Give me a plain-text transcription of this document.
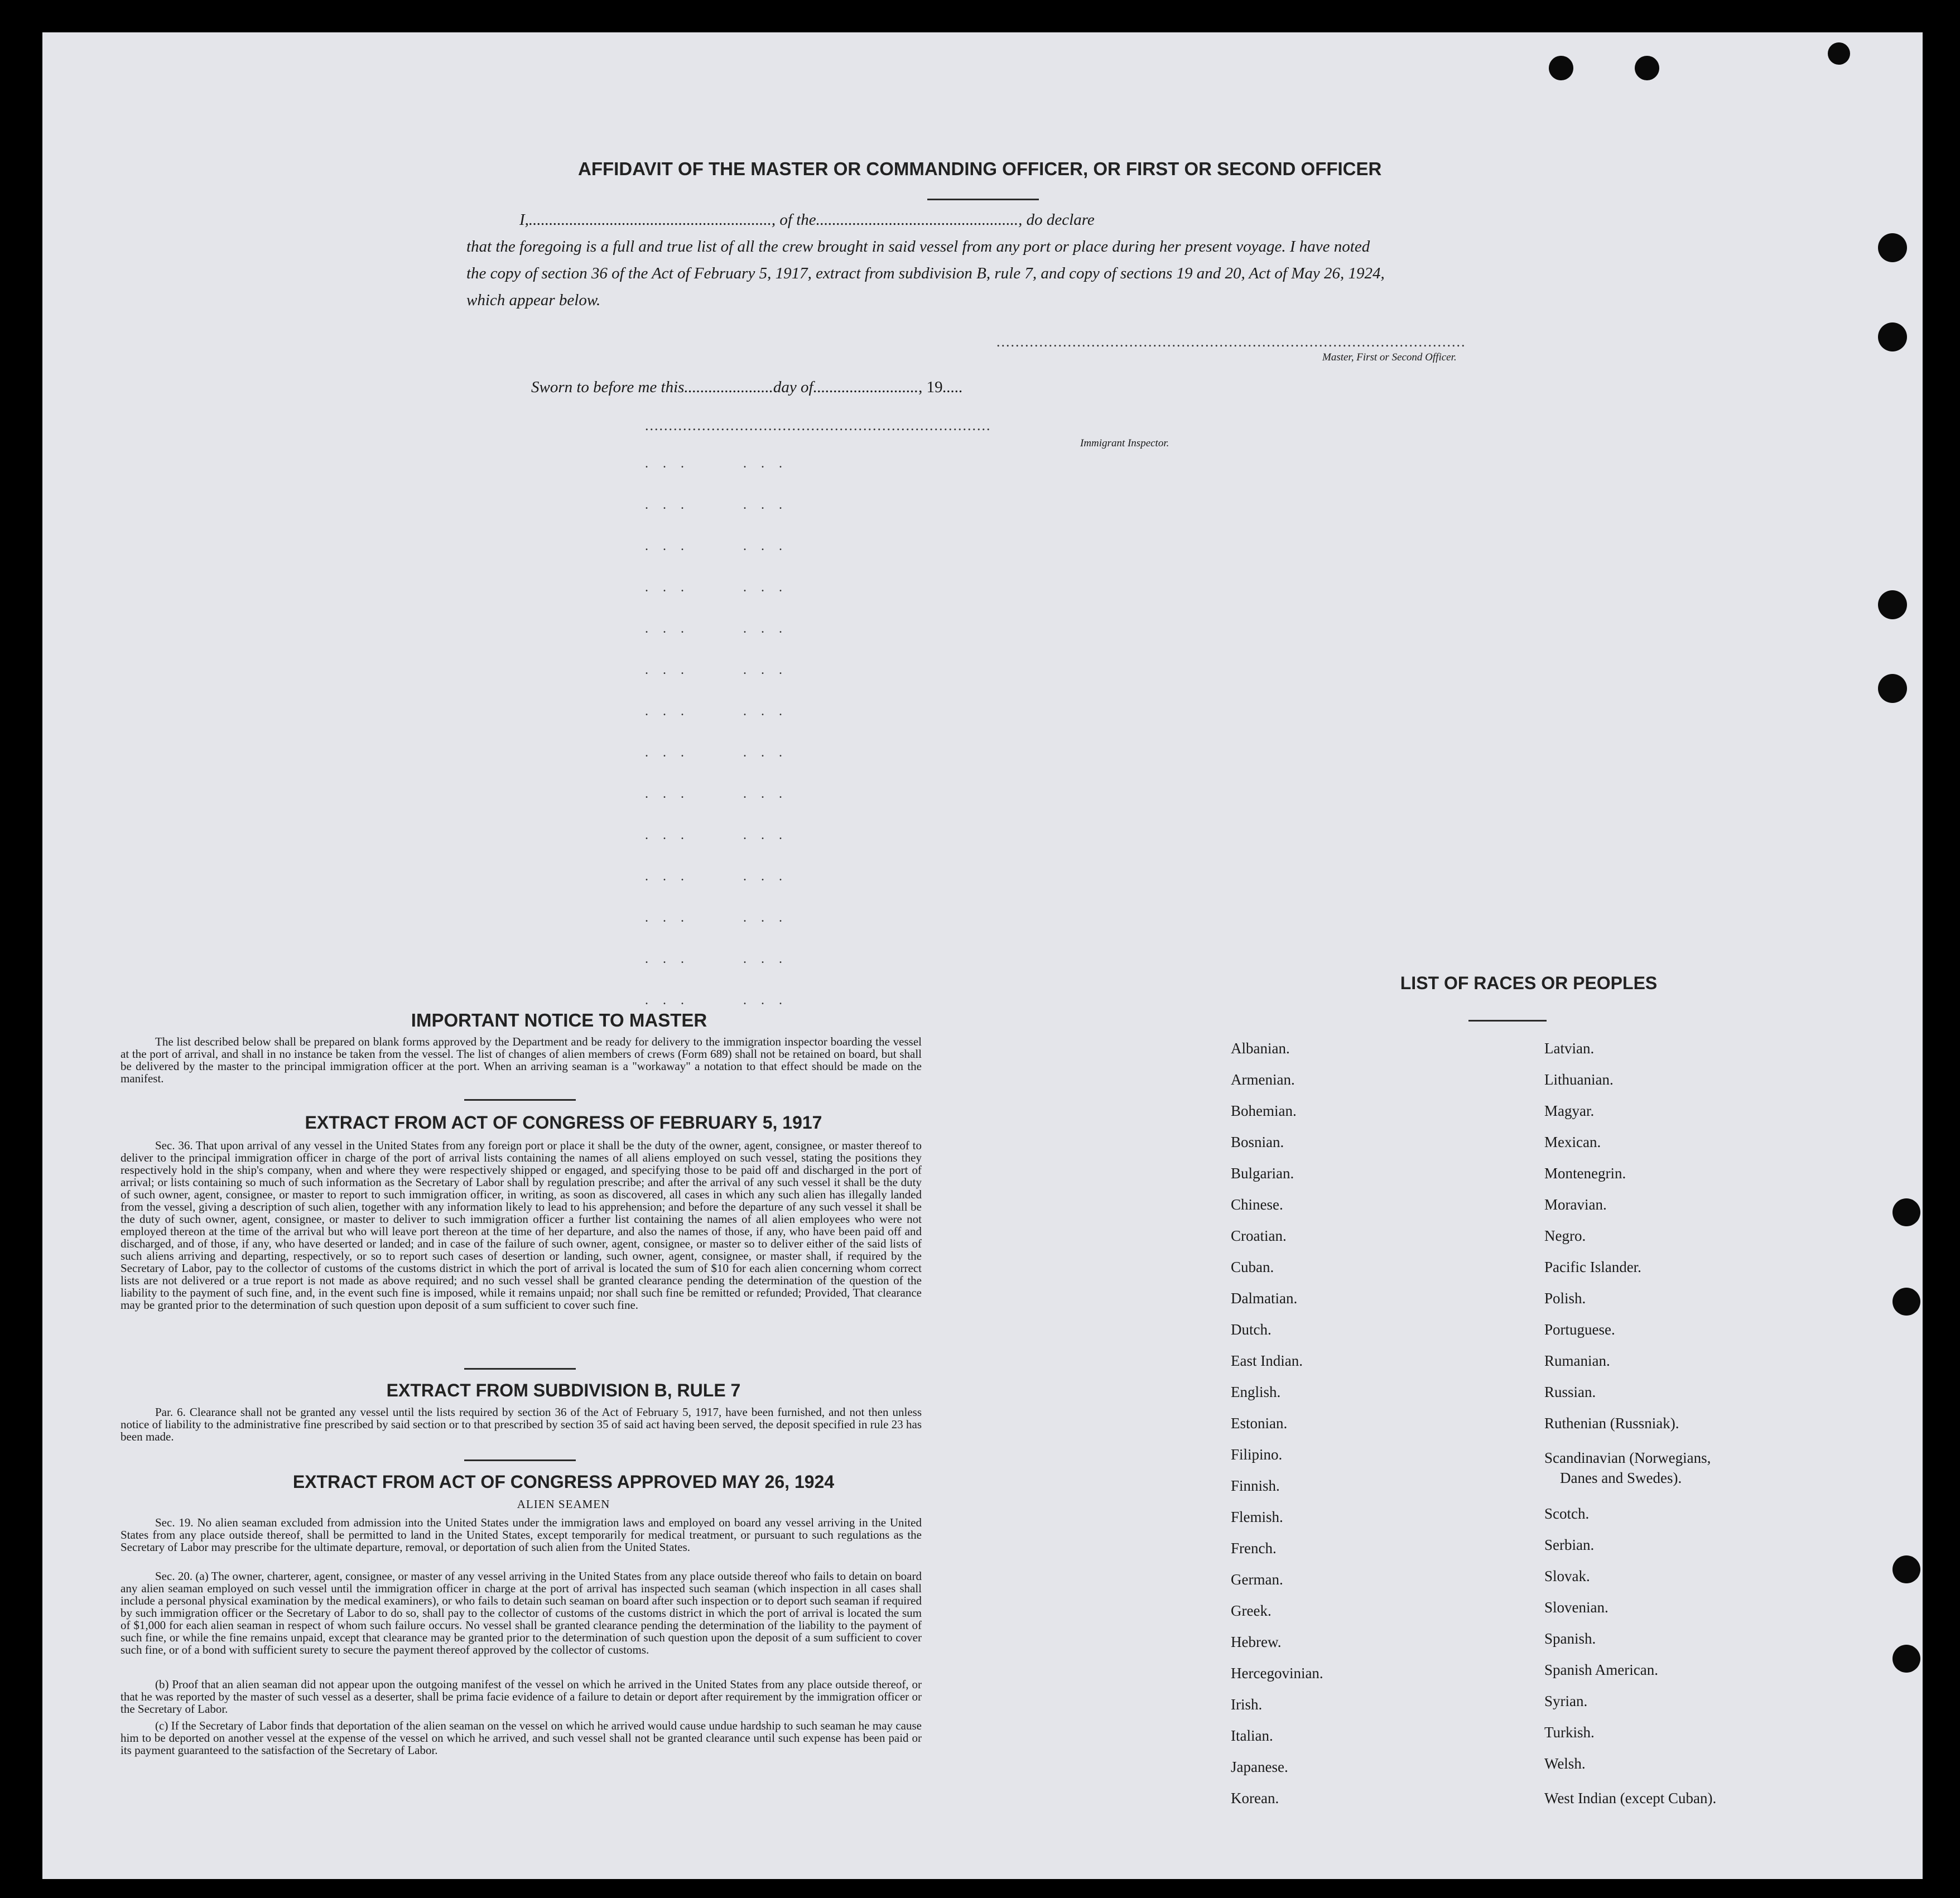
AFFIDAVIT OF THE MASTER OR COMMANDING OFFICER, OR FIRST OR SECOND OFFICER
I,............................................................, of the.................................................., do declare
that the foregoing is a full and true list of all the crew brought in said vessel from any port or place during her present voyage. I have noted
the copy of section 36 of the Act of February 5, 1917, extract from subdivision B, rule 7, and copy of sections 19 and 20, Act of May 26, 1924,
which appear below.
...................................................................................................
Master, First or Second Officer.
Sworn to before me this......................day of.........................., 19.....
.........................................................................
Immigrant Inspector.
. . .      . . .
. . .      . . .
. . .      . . .
. . .      . . .
. . .      . . .
. . .      . . .
. . .      . . .
. . .      . . .
. . .      . . .
. . .      . . .
. . .      . . .
. . .      . . .
. . .      . . .
. . .      . . .
IMPORTANT NOTICE TO MASTER
The list described below shall be prepared on blank forms approved by the Department and be ready for delivery to the immigration inspector boarding the vessel at the port of arrival, and shall in no instance be taken from the vessel. The list of changes of alien members of crews (Form 689) shall not be retained on board, but shall be delivered by the master to the principal immigration officer at the port. When an arriving seaman is a "workaway" a notation to that effect should be made on the manifest.
EXTRACT FROM ACT OF CONGRESS OF FEBRUARY 5, 1917
Sec. 36. That upon arrival of any vessel in the United States from any foreign port or place it shall be the duty of the owner, agent, consignee, or master thereof to deliver to the principal immigration officer in charge of the port of arrival lists containing the names of all aliens employed on such vessel, stating the positions they respectively hold in the ship's company, when and where they were respectively shipped or engaged, and specifying those to be paid off and discharged in the port of arrival; or lists containing so much of such information as the Secretary of Labor shall by regulation prescribe; and after the arrival of any such vessel it shall be the duty of such owner, agent, consignee, or master to report to such immigration officer, in writing, as soon as discovered, all cases in which any such alien has illegally landed from the vessel, giving a description of such alien, together with any information likely to lead to his apprehension; and before the departure of any such vessel it shall be the duty of such owner, agent, consignee, or master to deliver to such immigration officer a further list containing the names of all alien employees who were not employed thereon at the time of the arrival but who will leave port thereon at the time of her departure, and also the names of those, if any, who have been paid off and discharged, and of those, if any, who have deserted or landed; and in case of the failure of such owner, agent, consignee, or master so to deliver either of the said lists of such aliens arriving and departing, respectively, or so to report such cases of desertion or landing, such owner, agent, consignee, or master shall, if required by the Secretary of Labor, pay to the collector of customs of the customs district in which the port of arrival is located the sum of $10 for each alien concerning whom correct lists are not delivered or a true report is not made as above required; and no such vessel shall be granted clearance pending the determination of the question of the liability to the payment of such fine, and, in the event such fine is imposed, while it remains unpaid; nor shall such fine be remitted or refunded; Provided, That clearance may be granted prior to the determination of such question upon deposit of a sum sufficient to cover such fine.
EXTRACT FROM SUBDIVISION B, RULE 7
Par. 6. Clearance shall not be granted any vessel until the lists required by section 36 of the Act of February 5, 1917, have been furnished, and not then unless notice of liability to the administrative fine prescribed by said section or to that prescribed by section 35 of said act having been served, the deposit specified in rule 23 has been made.
EXTRACT FROM ACT OF CONGRESS APPROVED MAY 26, 1924
ALIEN SEAMEN
Sec. 19. No alien seaman excluded from admission into the United States under the immigration laws and employed on board any vessel arriving in the United States from any place outside thereof, shall be permitted to land in the United States, except temporarily for medical treatment, or pursuant to such regulations as the Secretary of Labor may prescribe for the ultimate departure, removal, or deportation of such alien from the United States.
Sec. 20. (a) The owner, charterer, agent, consignee, or master of any vessel arriving in the United States from any place outside thereof who fails to detain on board any alien seaman employed on such vessel until the immigration officer in charge at the port of arrival has inspected such seaman (which inspection in all cases shall include a personal physical examination by the medical examiners), or who fails to detain such seaman on board after such inspection or to deport such seaman if required by such immigration officer or the Secretary of Labor to do so, shall pay to the collector of customs of the customs district in which the port of arrival is located the sum of $1,000 for each alien seaman in respect of whom such failure occurs. No vessel shall be granted clearance pending the determination of the liability to the payment of such fine, or while the fine remains unpaid, except that clearance may be granted prior to the determination of such question upon the deposit of a sum sufficient to cover such fine, or of a bond with sufficient surety to secure the payment thereof approved by the collector of customs.
(b) Proof that an alien seaman did not appear upon the outgoing manifest of the vessel on which he arrived in the United States from any place outside thereof, or that he was reported by the master of such vessel as a deserter, shall be prima facie evidence of a failure to detain or deport after requirement by the immigration officer or the Secretary of Labor.
(c) If the Secretary of Labor finds that deportation of the alien seaman on the vessel on which he arrived would cause undue hardship to such seaman he may cause him to be deported on another vessel at the expense of the vessel on which he arrived, and such vessel shall not be granted clearance until such expense has been paid or its payment guaranteed to the satisfaction of the Secretary of Labor.
LIST OF RACES OR PEOPLES
Albanian.
Armenian.
Bohemian.
Bosnian.
Bulgarian.
Chinese.
Croatian.
Cuban.
Dalmatian.
Dutch.
East Indian.
English.
Estonian.
Filipino.
Finnish.
Flemish.
French.
German.
Greek.
Hebrew.
Hercegovinian.
Irish.
Italian.
Japanese.
Korean.
Latvian.
Lithuanian.
Magyar.
Mexican.
Montenegrin.
Moravian.
Negro.
Pacific Islander.
Polish.
Portuguese.
Rumanian.
Russian.
Ruthenian (Russniak).
Scandinavian (Norwegians,
Danes and Swedes).
Scotch.
Serbian.
Slovak.
Slovenian.
Spanish.
Spanish American.
Syrian.
Turkish.
Welsh.
West Indian (except Cuban).
